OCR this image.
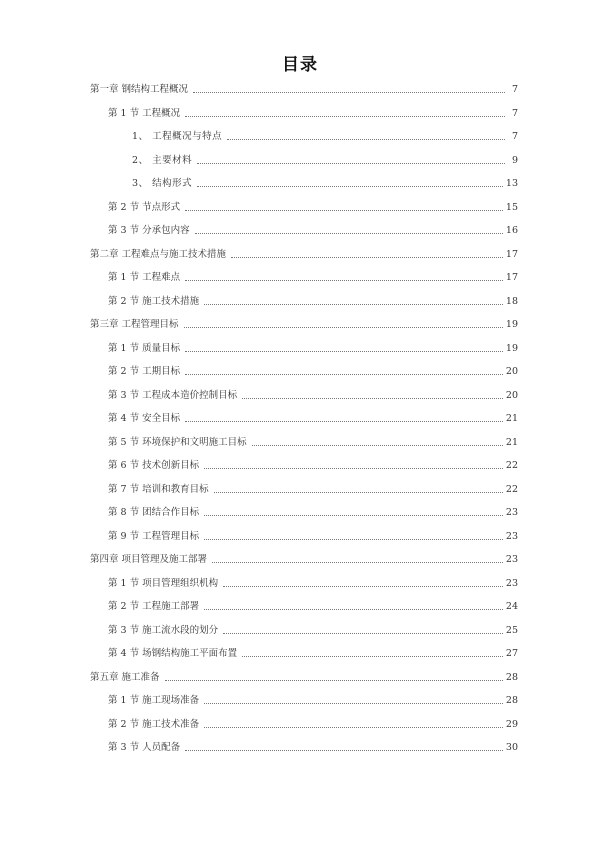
目录
第一章 钢结构工程概况	7
第 1 节 工程概况	7
1、 工程概况与特点	7
2、 主要材料	9
3、 结构形式	13
第 2 节 节点形式	15
第 3 节 分承包内容	16
第二章 工程难点与施工技术措施	17
第 1 节 工程难点	17
第 2 节 施工技术措施	18
第三章 工程管理目标	19
第 1 节 质量目标	19
第 2 节 工期目标	20
第 3 节 工程成本造价控制目标	20
第 4 节 安全目标	21
第 5 节 环境保护和文明施工目标	21
第 6 节 技术创新目标	22
第 7 节 培训和教育目标	22
第 8 节 团结合作目标	23
第 9 节 工程管理目标	23
第四章 项目管理及施工部署	23
第 1 节 项目管理组织机构	23
第 2 节 工程施工部署	24
第 3 节 施工流水段的划分	25
第 4 节 场钢结构施工平面布置	27
第五章 施工准备	28
第 1 节 施工现场准备	28
第 2 节 施工技术准备	29
第 3 节 人员配备	30
